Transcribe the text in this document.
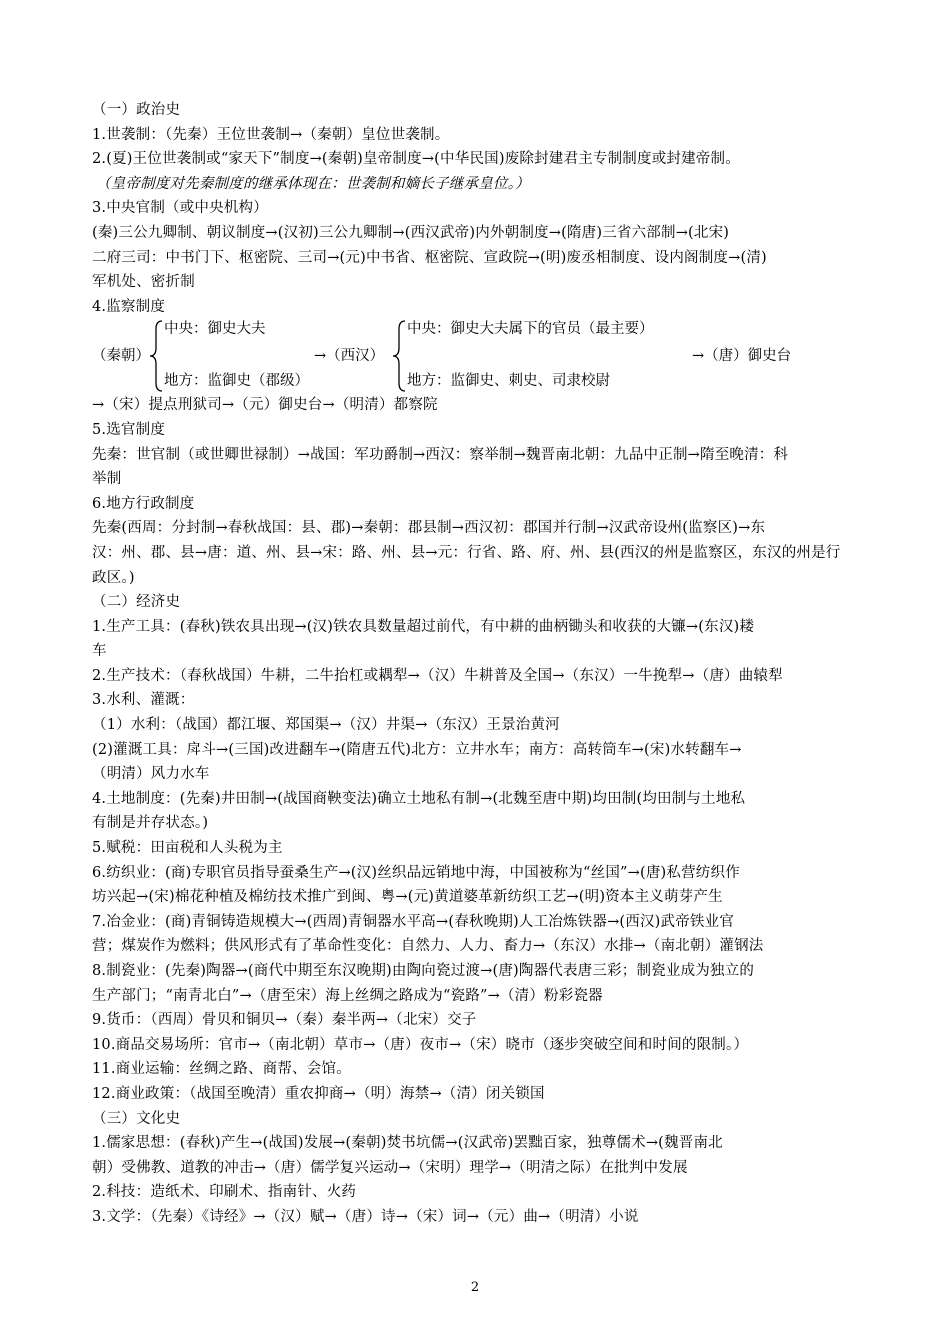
（一）政治史
1.世袭制：（先秦）王位世袭制→（秦朝）皇位世袭制。
2.(夏)王位世袭制或“家天下”制度→(秦朝)皇帝制度→(中华民国)废除封建君主专制制度或封建帝制。
（皇帝制度对先秦制度的继承体现在：世袭制和嫡长子继承皇位。）
3.中央官制（或中央机构）
(秦)三公九卿制、朝议制度→(汉初)三公九卿制→(西汉武帝)内外朝制度→(隋唐)三省六部制→(北宋)
二府三司：中书门下、枢密院、三司→(元)中书省、枢密院、宣政院→(明)废丞相制度、设内阁制度→(清)
军机处、密折制
4.监察制度
（秦朝）
中央：御史大夫
地方：监御史（郡级）
→（西汉）
中央：御史大夫属下的官员（最主要）
地方：监御史、刺史、司隶校尉
→（唐）御史台
→（宋）提点刑狱司→（元）御史台→（明清）都察院
5.选官制度
先秦：世官制（或世卿世禄制）→战国：军功爵制→西汉：察举制→魏晋南北朝：九品中正制→隋至晚清：科
举制
6.地方行政制度
先秦(西周：分封制→春秋战国：县、郡)→秦朝：郡县制→西汉初：郡国并行制→汉武帝设州(监察区)→东
汉：州、郡、县→唐：道、州、县→宋：路、州、县→元：行省、路、府、州、县(西汉的州是监察区，东汉的州是行
政区。)
（二）经济史
1.生产工具：(春秋)铁农具出现→(汉)铁农具数量超过前代，有中耕的曲柄锄头和收获的大镰→(东汉)耧
车
2.生产技术：（春秋战国）牛耕，二牛抬杠或耦犁→（汉）牛耕普及全国→（东汉）一牛挽犁→（唐）曲辕犁
3.水利、灌溉：
（1）水利：（战国）都江堰、郑国渠→（汉）井渠→（东汉）王景治黄河
(2)灌溉工具：戽斗→(三国)改进翻车→(隋唐五代)北方：立井水车；南方：高转筒车→(宋)水转翻车→
（明清）风力水车
4.土地制度：(先秦)井田制→(战国商鞅变法)确立土地私有制→(北魏至唐中期)均田制(均田制与土地私
有制是并存状态。)
5.赋税：田亩税和人头税为主
6.纺织业：(商)专职官员指导蚕桑生产→(汉)丝织品远销地中海，中国被称为“丝国”→(唐)私营纺织作
坊兴起→(宋)棉花种植及棉纺技术推广到闽、粤→(元)黄道婆革新纺织工艺→(明)资本主义萌芽产生
7.冶金业：(商)青铜铸造规模大→(西周)青铜器水平高→(春秋晚期)人工冶炼铁器→(西汉)武帝铁业官
营；煤炭作为燃料；供风形式有了革命性变化：自然力、人力、畜力→（东汉）水排→（南北朝）灌钢法
8.制瓷业：(先秦)陶器→(商代中期至东汉晚期)由陶向瓷过渡→(唐)陶器代表唐三彩；制瓷业成为独立的
生产部门；“南青北白”→（唐至宋）海上丝绸之路成为“瓷路”→（清）粉彩瓷器
9.货币：（西周）骨贝和铜贝→（秦）秦半两→（北宋）交子
10.商品交易场所：官市→（南北朝）草市→（唐）夜市→（宋）晓市（逐步突破空间和时间的限制。）
11.商业运输：丝绸之路、商帮、会馆。
12.商业政策：（战国至晚清）重农抑商→（明）海禁→（清）闭关锁国
（三）文化史
1.儒家思想：(春秋)产生→(战国)发展→(秦朝)焚书坑儒→(汉武帝)罢黜百家，独尊儒术→(魏晋南北
朝）受佛教、道教的冲击→（唐）儒学复兴运动→（宋明）理学→（明清之际）在批判中发展
2.科技：造纸术、印刷术、指南针、火药
3.文学：（先秦）《诗经》→（汉）赋→（唐）诗→（宋）词→（元）曲→（明清）小说
2
